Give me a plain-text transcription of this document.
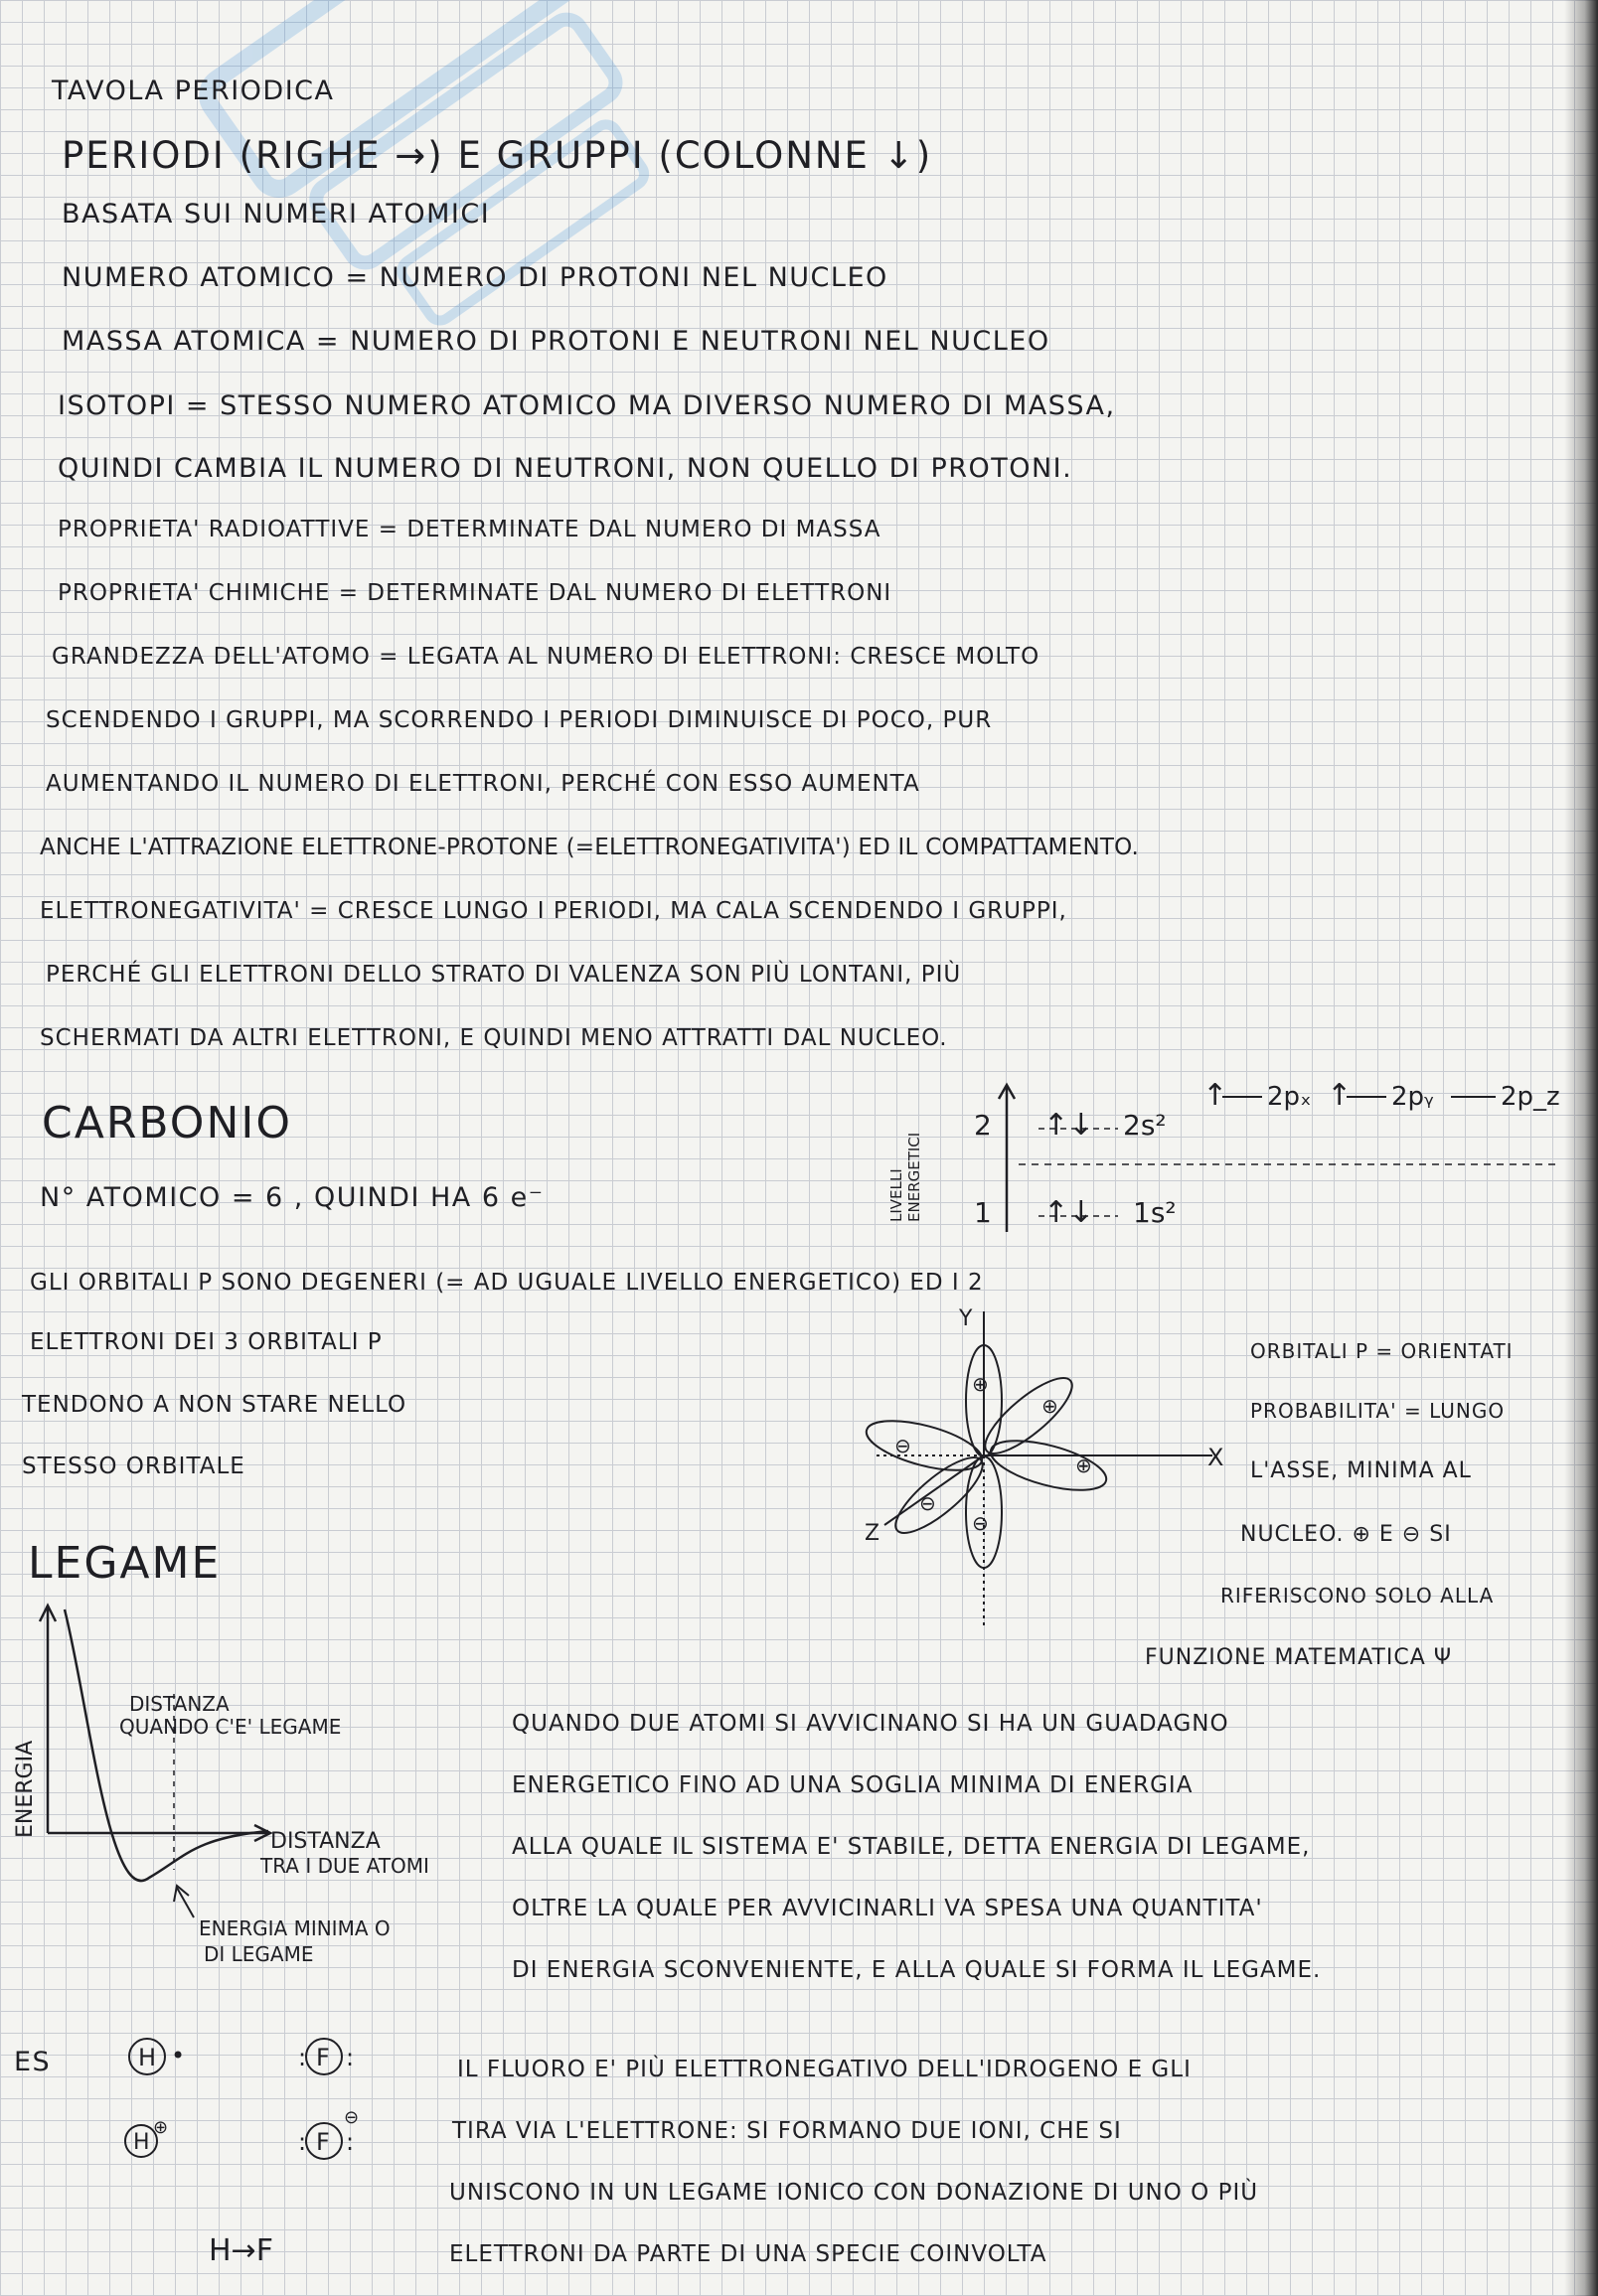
TAVOLA PERIODICA
PERIODI (RIGHE →) E GRUPPI (COLONNE ↓)
BASATA SUI NUMERI ATOMICI
NUMERO ATOMICO = NUMERO DI PROTONI NEL NUCLEO
MASSA ATOMICA = NUMERO DI PROTONI E NEUTRONI NEL NUCLEO
ISOTOPI = STESSO NUMERO ATOMICO MA DIVERSO NUMERO DI MASSA,
QUINDI CAMBIA IL NUMERO DI NEUTRONI, NON QUELLO DI PROTONI.
PROPRIETA' RADIOATTIVE = DETERMINATE DAL NUMERO DI MASSA
PROPRIETA' CHIMICHE = DETERMINATE DAL NUMERO DI ELETTRONI
GRANDEZZA DELL'ATOMO = LEGATA AL NUMERO DI ELETTRONI: CRESCE MOLTO
SCENDENDO I GRUPPI, MA SCORRENDO I PERIODI DIMINUISCE DI POCO, PUR
AUMENTANDO IL NUMERO DI ELETTRONI, PERCHÉ CON ESSO AUMENTA
ANCHE L'ATTRAZIONE ELETTRONE-PROTONE (=ELETTRONEGATIVITA') ED IL COMPATTAMENTO.
ELETTRONEGATIVITA' = CRESCE LUNGO I PERIODI, MA CALA SCENDENDO I GRUPPI,
PERCHÉ GLI ELETTRONI DELLO STRATO DI VALENZA SON PIÙ LONTANI, PIÙ
SCHERMATI DA ALTRI ELETTRONI, E QUINDI MENO ATTRATTI DAL NUCLEO.
CARBONIO
N° ATOMICO = 6 , QUINDI HA 6 e⁻	LIVELLI ENERGETICI
2
1
↑↓ 2s²
↑↓ 1s²
↑ 2pₓ ↑ 2pᵧ	2p_z
GLI ORBITALI P SONO DEGENERI (= AD UGUALE LIVELLO ENERGETICO) ED I 2
ELETTRONI DEI 3 ORBITALI P
TENDONO A NON STARE NELLO
STESSO ORBITALE	X
Y
Z
⊕
⊖
⊕
⊖
⊕
⊖
ORBITALI P = ORIENTATI
PROBABILITA' = LUNGO
L'ASSE, MINIMA AL
NUCLEO. ⊕ E ⊖ SI
RIFERISCONO SOLO ALLA
FUNZIONE MATEMATICA Ψ
LEGAME
ENERGIA
DISTANZA
QUANDO C'E' LEGAME
DISTANZA
TRA I DUE ATOMI
ENERGIA MINIMA O
DI LEGAME
QUANDO DUE ATOMI SI AVVICINANO SI HA UN GUADAGNO
ENERGETICO FINO AD UNA SOGLIA MINIMA DI ENERGIA
ALLA QUALE IL SISTEMA E' STABILE, DETTA ENERGIA DI LEGAME,
OLTRE LA QUALE PER AVVICINARLI VA SPESA UNA QUANTITA'
DI ENERGIA SCONVENIENTE, E ALLA QUALE SI FORMA IL LEGAME.
ES	H •	F :
:
H
⊕
F :
:
⊖
H→F
IL FLUORO E' PIÙ ELETTRONEGATIVO DELL'IDROGENO E GLI
TIRA VIA L'ELETTRONE: SI FORMANO DUE IONI, CHE SI
UNISCONO IN UN LEGAME IONICO CON DONAZIONE DI UNO O PIÙ
ELETTRONI DA PARTE DI UNA SPECIE COINVOLTA
